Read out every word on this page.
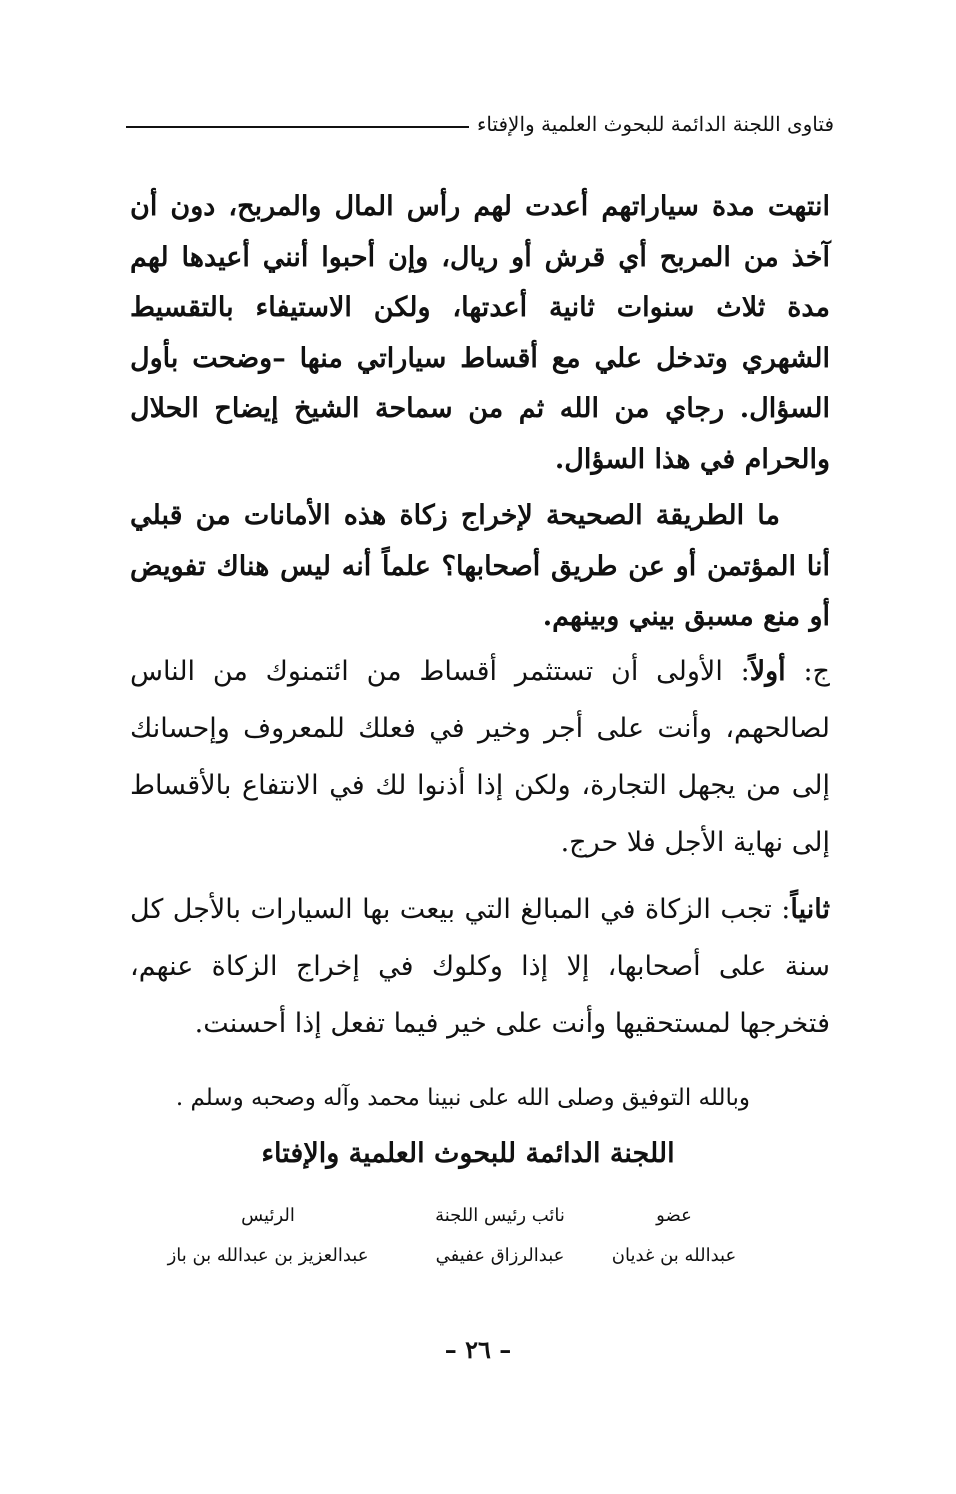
فتاوى اللجنة الدائمة للبحوث العلمية والإفتاء

انتهت مدة سياراتهم أعدت لهم رأس المال والمربح، دون أن آخذ من المربح أي قرش أو ريال، وإن أحبوا أنني أعيدها لهم مدة ثلاث سنوات ثانية أعدتها، ولكن الاستيفاء بالتقسيط الشهري وتدخل علي مع أقساط سياراتي منها –وضحت بأول السؤال. رجاي من الله ثم من سماحة الشيخ إيضاح الحلال والحرام في هذا السؤال.

ما الطريقة الصحيحة لإخراج زكاة هذه الأمانات من قبلي أنا المؤتمن أو عن طريق أصحابها؟ علماً أنه ليس هناك تفويض أو منع مسبق بيني وبينهم.

ج: أولاً: الأولى أن تستثمر أقساط من ائتمنوك من الناس لصالحهم، وأنت على أجر وخير في فعلك للمعروف وإحسانك إلى من يجهل التجارة، ولكن إذا أذنوا لك في الانتفاع بالأقساط إلى نهاية الأجل فلا حرج.

ثانياً: تجب الزكاة في المبالغ التي بيعت بها السيارات بالأجل كل سنة على أصحابها، إلا إذا وكلوك في إخراج الزكاة عنهم، فتخرجها لمستحقيها وأنت على خير فيما تفعل إذا أحسنت.

وبالله التوفيق وصلى الله على نبينا محمد وآله وصحبه وسلم .
اللجنة الدائمة للبحوث العلمية والإفتاء
عضو
نائب رئيس اللجنة
الرئيس
عبدالله بن غديان
عبدالرزاق عفيفي
عبدالعزيز بن عبدالله بن باز
– ٢٦ –
